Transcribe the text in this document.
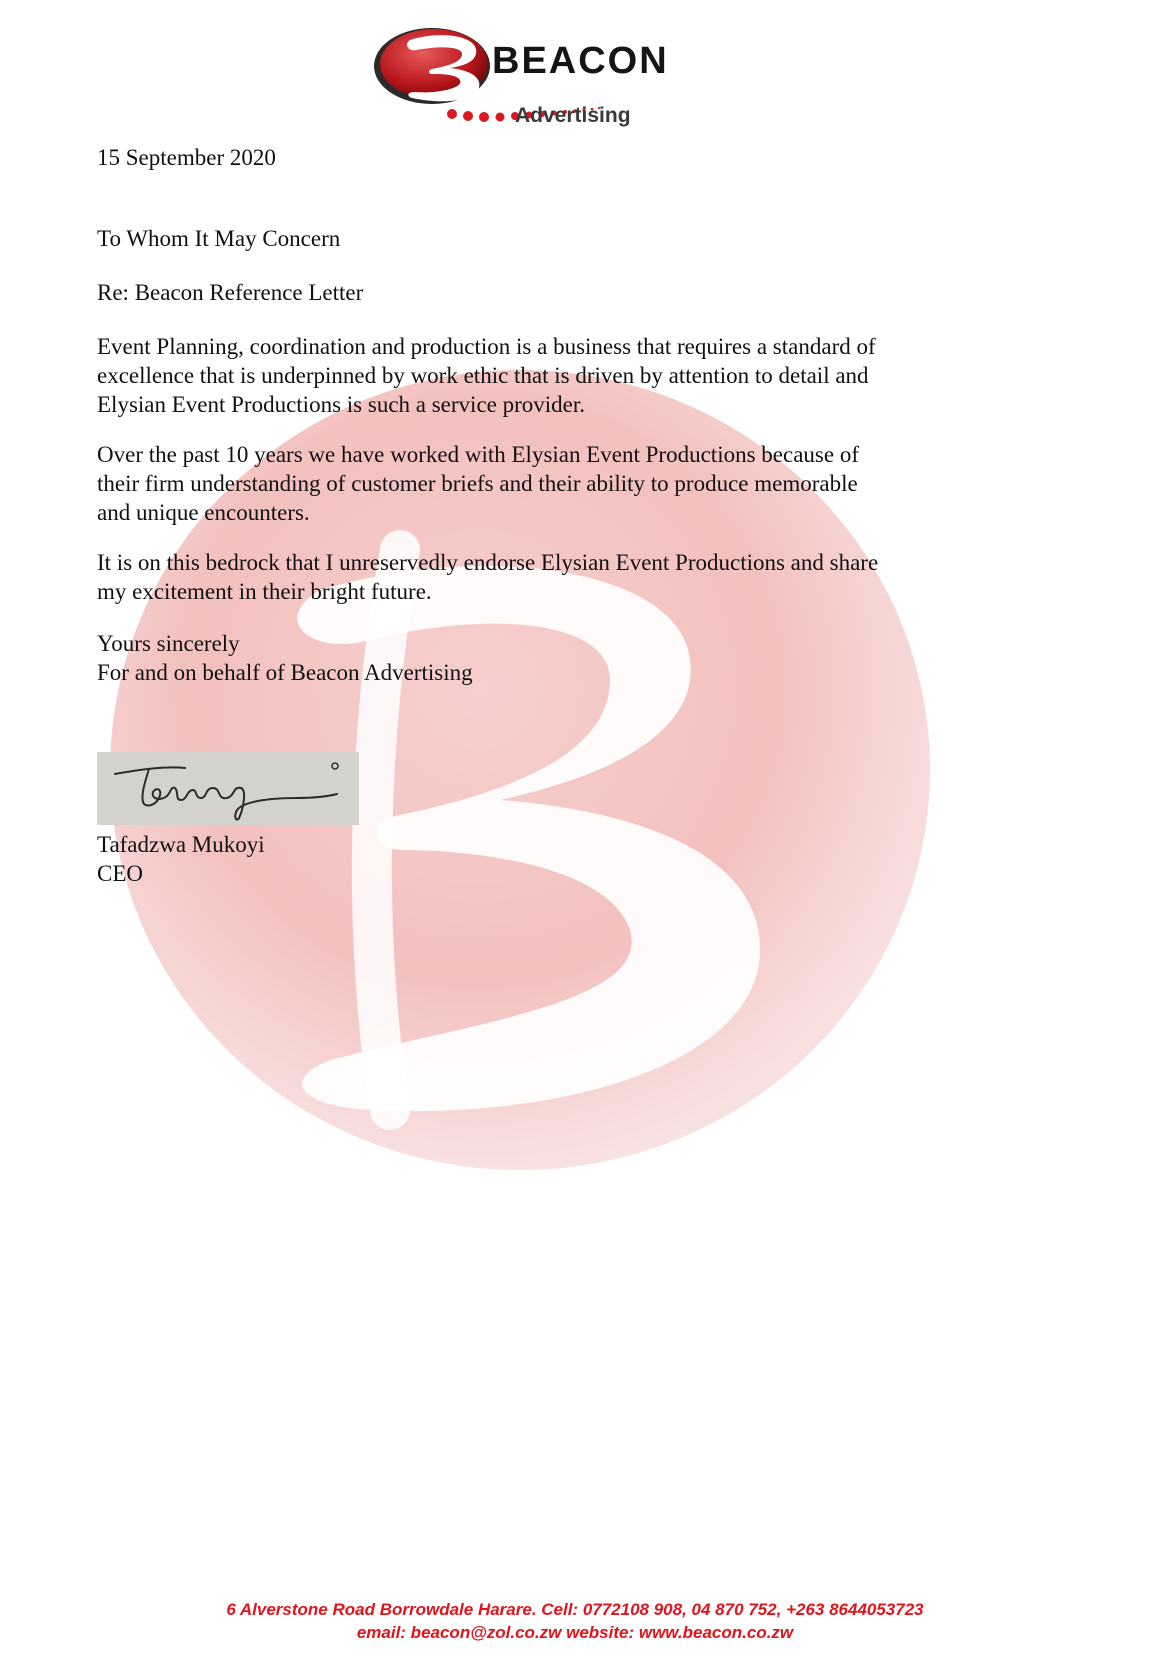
BEACON
Advertising

15 September 2020

To Whom It May Concern

Re: Beacon Reference Letter

Event Planning, coordination and production is a business that requires a standard of
excellence that is underpinned by work ethic that is driven by attention to detail and
Elysian Event Productions is such a service provider.

Over the past 10 years we have worked with Elysian Event Productions because of
their firm understanding of customer briefs and their ability to produce memorable
and unique encounters.

It is on this bedrock that I unreservedly endorse Elysian Event Productions and share
my excitement in their bright future.

Yours sincerely
For and on behalf of Beacon Advertising

Tafadzwa Mukoyi
CEO
6 Alverstone Road Borrowdale Harare. Cell: 0772108 908, 04 870 752, +263 8644053723
email: beacon@zol.co.zw website: www.beacon.co.zw
